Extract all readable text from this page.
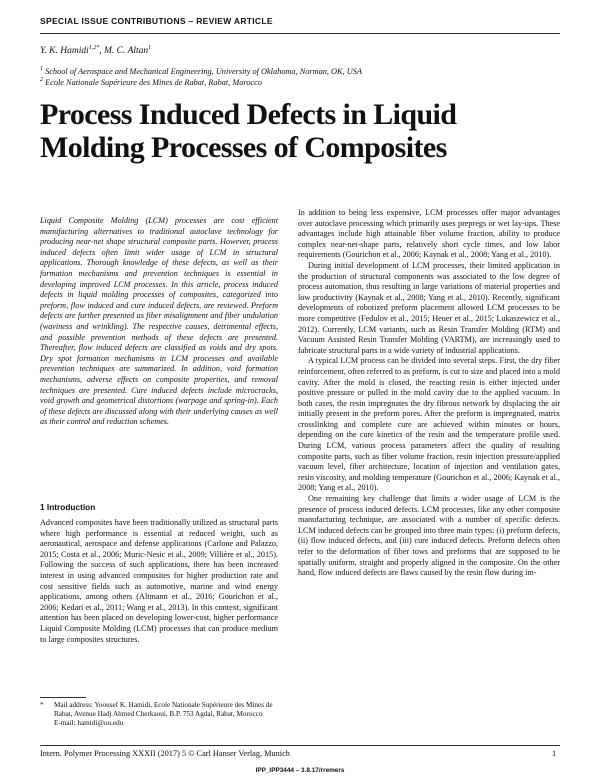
SPECIAL ISSUE CONTRIBUTIONS – REVIEW ARTICLE
Y. K. Hamidi$^{1,2*}$, M. C. Altan$^1$
$^1$ School of Aerospace and Mechanical Engineering, University of Oklahoma, Norman, OK, USA
$^2$ Ecole Nationale Supérieure des Mines de Rabat, Rabat, Morocco
Process Induced Defects in Liquid Molding Processes of Composites

Liquid Composite Molding (LCM) processes are cost efficient manufacturing alternatives to traditional autoclave technology for producing near-net shape structural composite parts. However, process induced defects often limit wider usage of LCM in structural applications. Thorough knowledge of these defects, as well as their formation mechanisms and prevention techniques is essential in developing improved LCM processes. In this article, process induced defects in liquid molding processes of composites, categorized into preform, flow induced and cure induced defects, are reviewed. Preform defects are further presented as fiber misalignment and fiber undulation (waviness and wrinkling). The respective causes, detrimental effects, and possible prevention methods of these defects are presented. Thereafter, flow induced defects are classified as voids and dry spots. Dry spot formation mechanisms in LCM processes and available prevention techniques are summarized. In addition, void formation mechanisms, adverse effects on composite properties, and removal techniques are presented. Cure induced defects include microcracks, void growth and geometrical distortions (warpage and spring-in). Each of these defects are discussed along with their underlying causes as well as their control and reduction schemes.

1 Introduction

Advanced composites have been traditionally utilized as structural parts where high performance is essential at reduced weight, such as aeronautical, aerospace and defense applications (Carlone and Palazzo, 2015; Costa et al., 2006; Muric-Nesic et al., 2009; Villière et al., 2015). Following the success of such applications, there has been increased interest in using advanced composites for higher production rate and cost sensitive fields such as automotive, marine and wind energy applications, among others (Altmann et al., 2016; Gourichon et al., 2006; Kedari et al., 2011; Wang et al., 2013). In this context, significant attention has been placed on developing lower-cost, higher performance Liquid Composite Molding (LCM) processes that can produce medium to large composites structures.

*	Mail address: Yoousef K. Hamidi, Ecole Nationale Supérieure des Mines de Rabat, Avenue Hadj Ahmed Cherkaoui, B.P. 753 Agdal, Rabat, Morocco
E-mail: hamidi@ou.edu

In addition to being less expensive, LCM processes offer major advantages over autoclave processing which primarily uses prepregs or wet lay-ups. These advantages include high attainable fiber volume fraction, ability to produce complex near-net-shape parts, relatively short cycle times, and low labor requirements (Gourichon et al., 2006; Kaynak et al., 2008; Yang et al., 2010).

During initial development of LCM processes, their limited application in the production of structural components was associated to the low degree of process automation, thus resulting in large variations of material properties and low productivity (Kaynak et al., 2008; Yang et al., 2010). Recently, significant developments of robotized preform placement allowed LCM processes to be more competitive (Fedulov et al., 2015; Heuer et al., 2015; Lukaszewicz et al., 2012). Currently, LCM variants, such as Resin Transfer Molding (RTM) and Vacuum Assisted Resin Transfer Molding (VARTM), are increasingly used to fabricate structural parts in a wide variety of industrial applications.

A typical LCM process can be divided into several steps. First, the dry fiber reinforcement, often referred to as preform, is cut to size and placed into a mold cavity. After the mold is closed, the reacting resin is either injected under positive pressure or pulled in the mold cavity due to the applied vacuum. In both cases, the resin impregnates the dry fibrous network by displacing the air initially present in the preform pores. After the preform is impregnated, matrix crosslinking and complete cure are achieved within minutes or hours, depending on the cure kinetics of the resin and the temperature profile used. During LCM, various process parameters affect the quality of resulting composite parts, such as fiber volume fraction, resin injection pressure/applied vacuum level, fiber architecture, location of injection and ventilation gates, resin viscosity, and molding temperature (Gourichon et al., 2006; Kaynak et al., 2008; Yang et al., 2010).

One remaining key challenge that limits a wider usage of LCM is the presence of process induced defects. LCM processes, like any other composite manufacturing technique, are associated with a number of specific defects. LCM induced defects can be grouped into three main types: (i) preform defects, (ii) flow induced defects, and (iii) cure induced defects. Preform defects often refer to the deformation of fiber tows and preforms that are supposed to be spatially uniform, straight and properly aligned in the composite. On the other hand, flow induced defects are flaws caused by the resin flow during im-

Intern. Polymer Processing XXXII (2017) 5 © Carl Hanser Verlag, Munich	1
IPP_IPP3444 – 3.8.17/rremers
